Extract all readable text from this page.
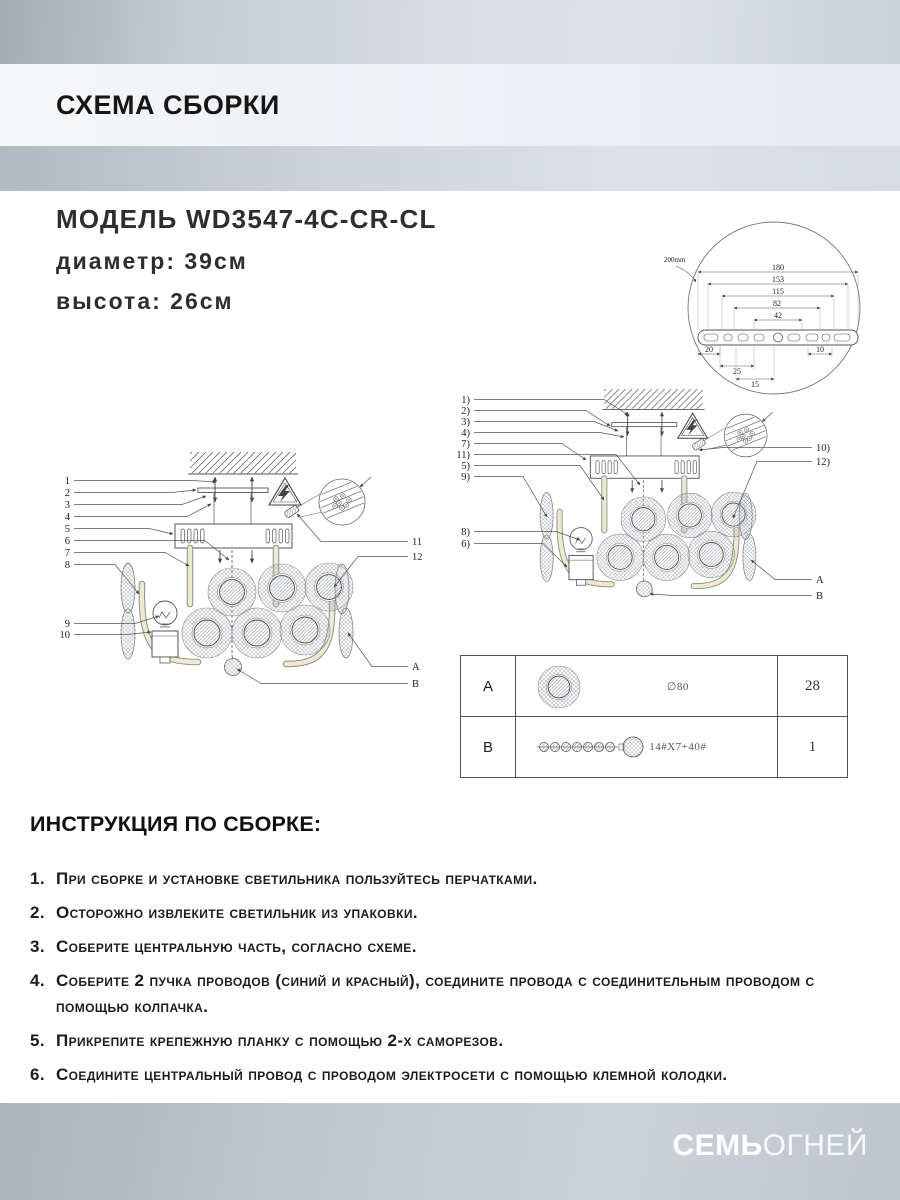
СХЕМА СБОРКИ
МОДЕЛЬ WD3547-4C-CR-CL
диаметр: 39см
высота: 26см
180
153
115
82
42
20	10
25
15
200mm
1
2
3
4
5
6
7
8
9
10
11
12
A
B
1)
2)
3)
4)
7)
11)
5)
9)
8)
6)
10)
12)
A
B
A	∅80	28
B	14#X7+40#	1
ИНСТРУКЦИЯ ПО СБОРКЕ:
1. При сборке и установке светильника пользуйтесь перчатками.
2. Осторожно извлеките светильник из упаковки.
3. Соберите центральную часть, согласно схеме.
4. Соберите 2 пучка проводов (синий и красный), соедините провода с соединительным проводом с помощью колпачка.
5. Прикрепите крепежную планку с помощью 2-х саморезов.
6. Соедините центральный провод с проводом электросети с помощью клемной колодки.
СЕМЬОГНЕЙ
